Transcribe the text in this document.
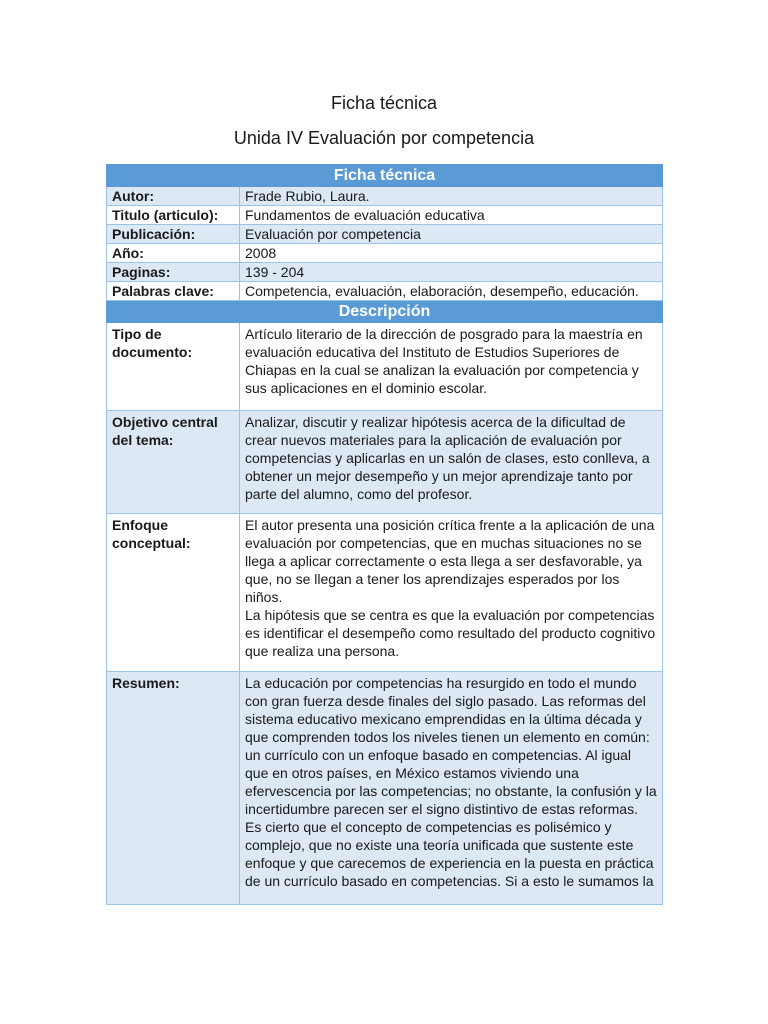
Ficha técnica
Unida IV Evaluación por competencia
Ficha técnica	
Autor:	Frade Rubio, Laura.
Titulo (articulo):	Fundamentos de evaluación educativa
Publicación:	Evaluación por competencia
Año:	2008
Paginas:	139 - 204
Palabras clave:	Competencia, evaluación, elaboración, desempeño, educación.
Descripción	
Tipo de documento:	Artículo literario de la dirección de posgrado para la maestría en evaluación educativa del Instituto de Estudios Superiores de Chiapas en la cual se analizan la evaluación por competencia y sus aplicaciones en el dominio escolar.
Objetivo central del tema:	Analizar, discutir y realizar hipótesis acerca de la dificultad de crear nuevos materiales para la aplicación de evaluación por competencias y aplicarlas en un salón de clases, esto conlleva, a obtener un mejor desempeño y un mejor aprendizaje tanto por parte del alumno, como del profesor.
Enfoque conceptual:	El autor presenta una posición crítica frente a la aplicación de una evaluación por competencias, que en muchas situaciones no se llega a aplicar correctamente o esta llega a ser desfavorable, ya que, no se llegan a tener los aprendizajes esperados por los niños.
La hipótesis que se centra es que la evaluación por competencias es identificar el desempeño como resultado del producto cognitivo que realiza una persona.

Resumen:	La educación por competencias ha resurgido en todo el mundo con gran fuerza desde finales del siglo pasado. Las reformas del sistema educativo mexicano emprendidas en la última década y que comprenden todos los niveles tienen un elemento en común: un currículo con un enfoque basado en competencias. Al igual que en otros países, en México estamos viviendo una efervescencia por las competencias; no obstante, la confusión y la incertidumbre parecen ser el signo distintivo de estas reformas. Es cierto que el concepto de competencias es polisémico y complejo, que no existe una teoría unificada que sustente este enfoque y que carecemos de experiencia en la puesta en práctica de un currículo basado en competencias. Si a esto le sumamos la
